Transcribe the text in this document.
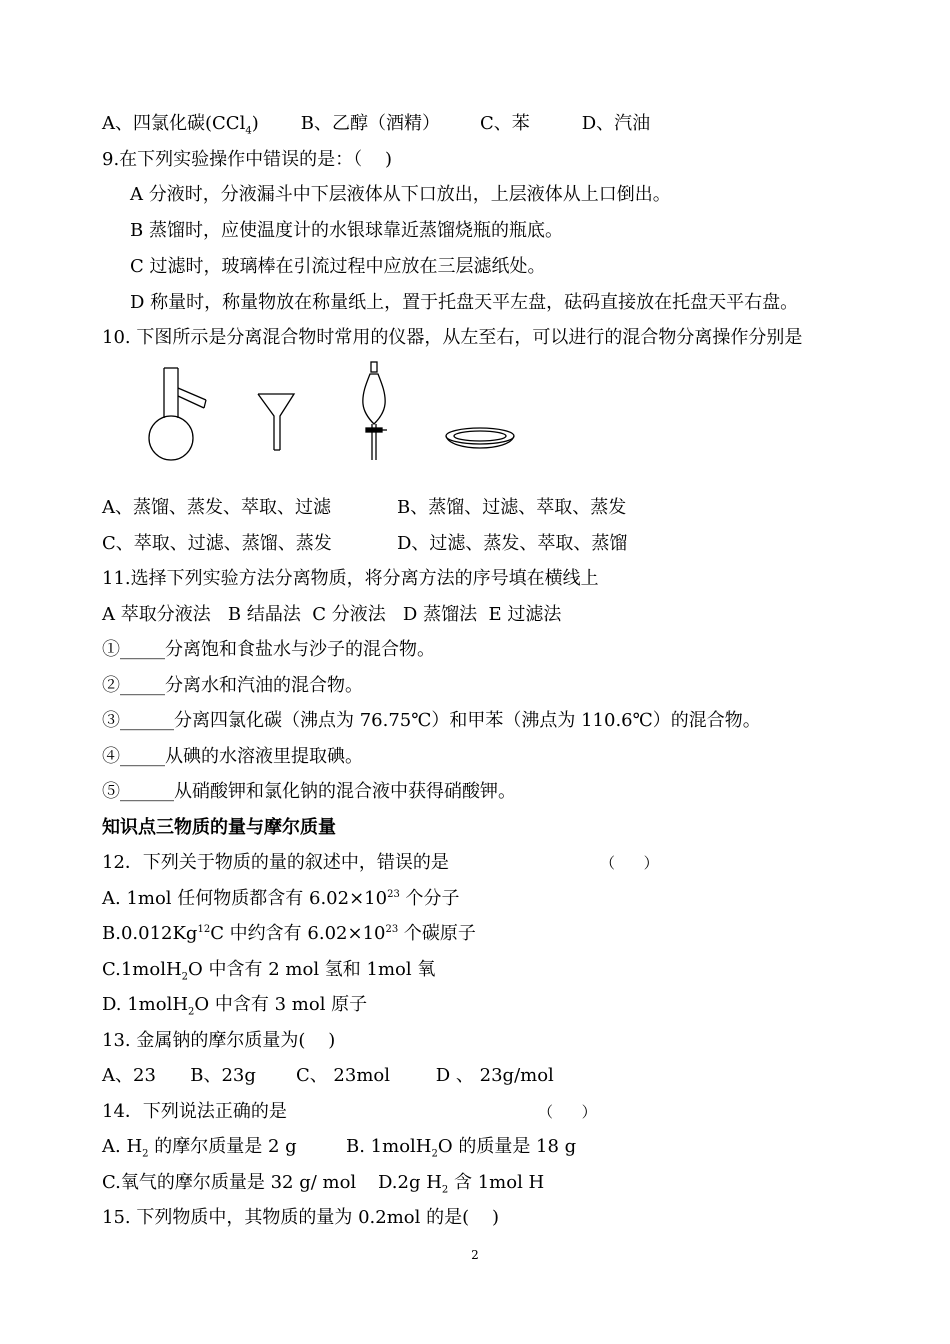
A、四氯化碳(CCl$_4$) B、乙醇（酒精） C、苯	D、汽油
9.在下列实验操作中错误的是：（    )
A 分液时，分液漏斗中下层液体从下口放出，上层液体从上口倒出。
B 蒸馏时，应使温度计的水银球靠近蒸馏烧瓶的瓶底。
C 过滤时，玻璃棒在引流过程中应放在三层滤纸处。
D 称量时，称量物放在称量纸上，置于托盘天平左盘，砝码直接放在托盘天平右盘。
10. 下图所示是分离混合物时常用的仪器，从左至右，可以进行的混合物分离操作分别是
A、蒸馏、蒸发、萃取、过滤	B、蒸馏、过滤、萃取、蒸发
C、萃取、过滤、蒸馏、蒸发	D、过滤、蒸发、萃取、蒸馏
11.选择下列实验方法分离物质，将分离方法的序号填在横线上
A 萃取分液法   B 结晶法  C 分液法   D 蒸馏法  E 过滤法
①_____分离饱和食盐水与沙子的混合物。
②_____分离水和汽油的混合物。
③______分离四氯化碳（沸点为 76.75℃）和甲苯（沸点为 110.6℃）的混合物。
④_____从碘的水溶液里提取碘。
⑤______从硝酸钾和氯化钠的混合液中获得硝酸钾。
知识点三物质的量与摩尔质量
12．下列关于物质的量的叙述中，错误的是	（      ）
A. 1mol 任何物质都含有 $6.02\times 10^{23}$ 个分子
B.0.012Kg$^{12}$C 中约含有 $6.02\times 10^{23}$ 个碳原子
C.1molH$_2$O 中含有 2 mol 氢和 1mol 氧
D. 1molH$_2$O 中含有 3 mol 原子
13. 金属钠的摩尔质量为(    )
A、23      B、23g       C、 23mol        D 、 23g/mol
14．下列说法正确的是	（      ）
A. $H_2$ 的摩尔质量是 2 g	B. 1molH$_2$O 的质量是 18 g
C.氧气的摩尔质量是 32 g/ mol D.2g $H_2$ 含 1mol H
15. 下列物质中，其物质的量为 0.2mol 的是(    )
2
